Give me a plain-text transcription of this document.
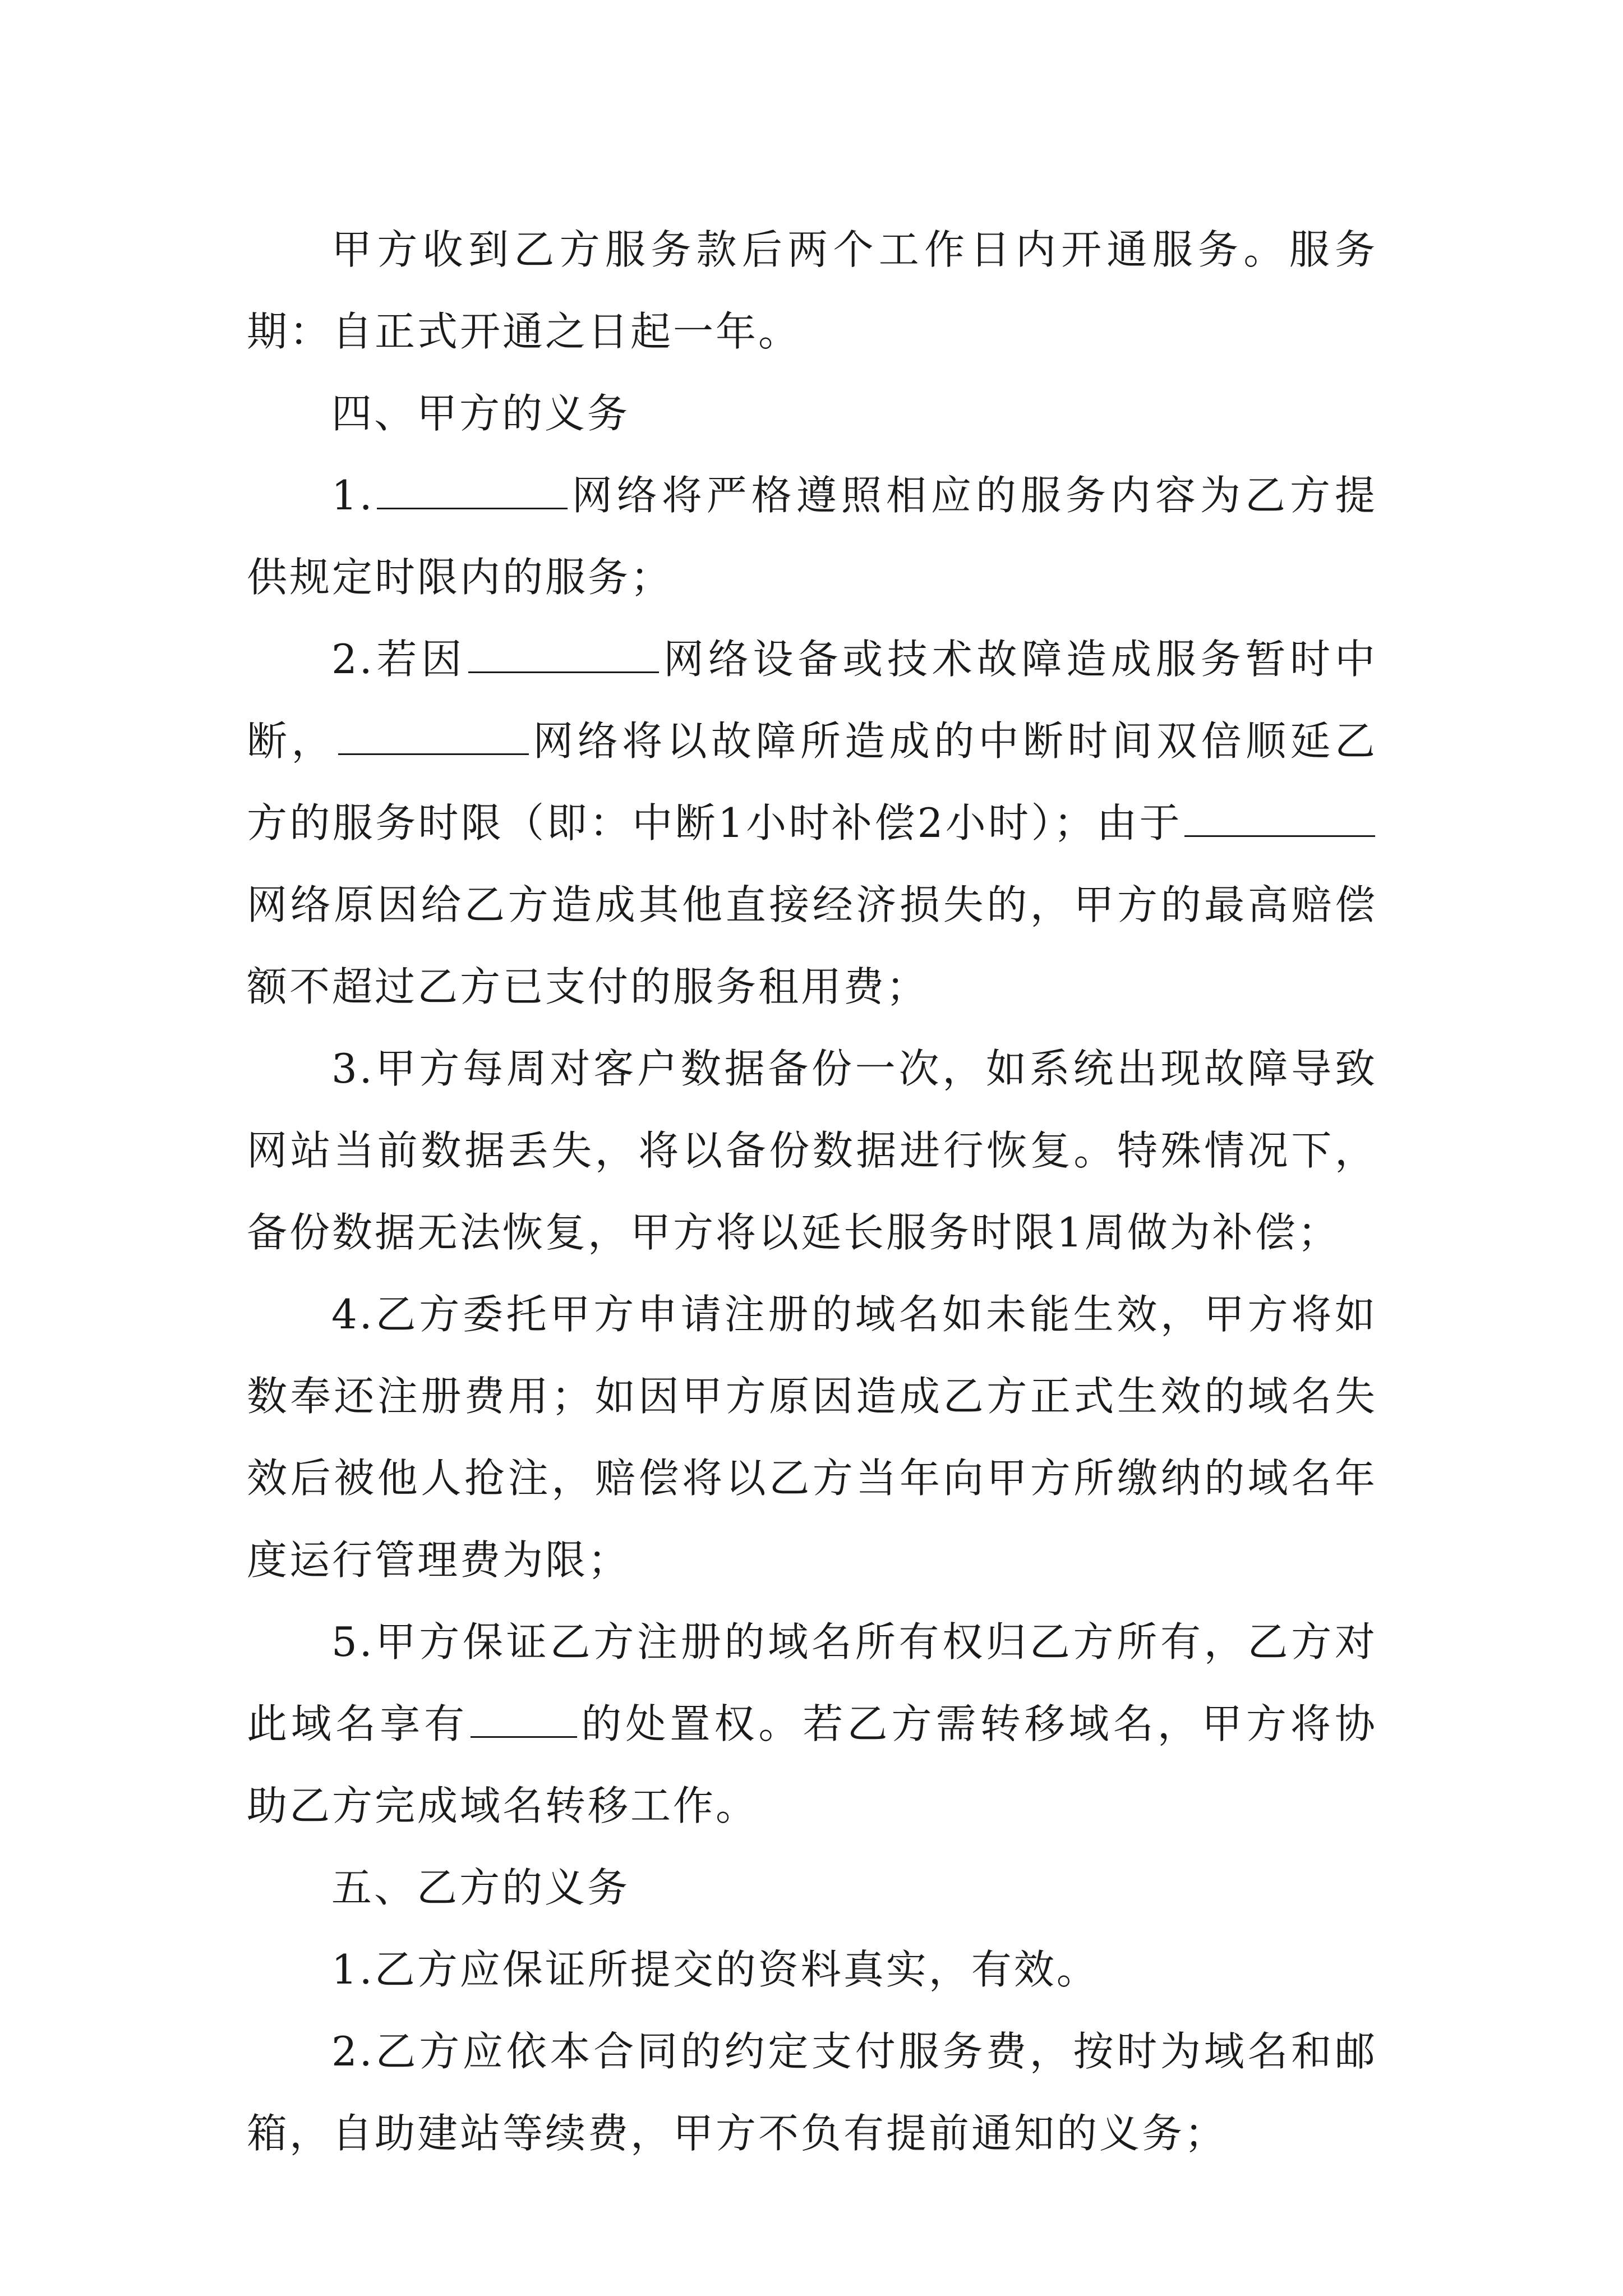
甲方收到乙方服务款后两个工作日内开通服务。服务期：自正式开通之日起一年。

四、甲方的义务

1.	网络将严格遵照相应的服务内容为乙方提供规定时限内的服务；

2.若因	网络设备或技术故障造成服务暂时中断，	网络将以故障所造成的中断时间双倍顺延乙方的服务时限（即：中断1小时补偿2小时）；由于网络原因给乙方造成其他直接经济损失的，甲方的最高赔偿额不超过乙方已支付的服务租用费；

3.甲方每周对客户数据备份一次，如系统出现故障导致网站当前数据丢失，将以备份数据进行恢复。特殊情况下，备份数据无法恢复，甲方将以延长服务时限1周做为补偿；

4.乙方委托甲方申请注册的域名如未能生效，甲方将如数奉还注册费用；如因甲方原因造成乙方正式生效的域名失效后被他人抢注，赔偿将以乙方当年向甲方所缴纳的域名年度运行管理费为限；

5.甲方保证乙方注册的域名所有权归乙方所有，乙方对此域名享有	的处置权。若乙方需转移域名，甲方将协助乙方完成域名转移工作。

五、乙方的义务

1.乙方应保证所提交的资料真实，有效。

2.乙方应依本合同的约定支付服务费，按时为域名和邮箱，自助建站等续费，甲方不负有提前通知的义务；
